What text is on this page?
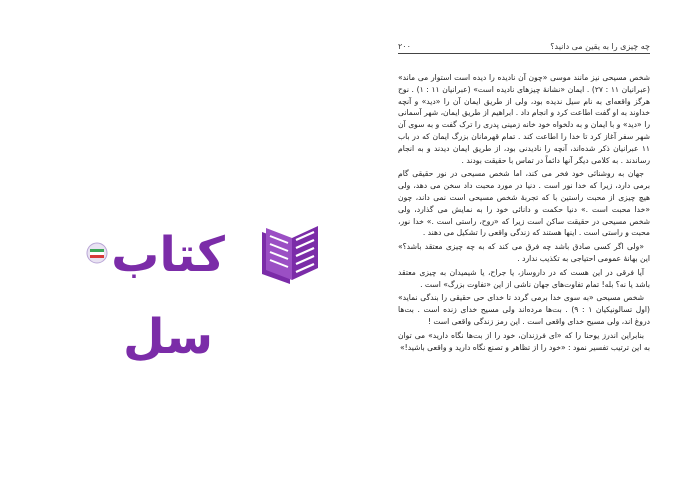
کتاب سل
چه چیزی را به یقین می دانید؟
۲۰۰

شخص مسیحی نیز مانند موسی «چون آن نادیده را دیده است استوار می ماند» (عبرانیان ۱۱ : ۲۷) . ایمان «نشانهٔ چیزهای نادیده است» (عبرانیان ۱۱ : ۱) . نوح هرگز واقعه‌ای به نام سیل ندیده بود، ولی از طریق ایمان آن را «دید» و آنچه خداوند به او گفت اطاعت کرد و انجام داد . ابراهیم از طریق ایمان، شهر آسمانی را «دید» و با ایمان و به دلخواه خود خانه زمینی پدری را ترک گفت و به سوی آن شهر سفر آغاز کرد تا خدا را اطاعت کند . تمام قهرمانان بزرگ ایمان که در باب ۱۱ عبرانیان ذکر شده‌اند، آنچه را نادیدنی بود، از طریق ایمان دیدند و به انجام رساندند . به کلامی دیگر آنها دائماً در تماس با حقیقت بودند .

جهان به روشنائی خود فخر می کند، اما شخص مسیحی در نور حقیقی گام برمی دارد، زیرا که خدا نور است . دنیا در مورد محبت داد سخن می دهد، ولی هیچ چیزی از محبت راستین با که تجربهٔ شخص مسیحی است نمی داند، چون «خدا محبت است .» دنیا حکمت و دانائی خود را به نمایش می گذارد، ولی شخص مسیحی در حقیقت ساکن است زیرا که «روح، راستی است .» خدا نور، محبت و راستی است . اینها هستند که زندگی واقعی را تشکیل می دهند .

«ولی اگر کسی صادق باشد چه فرق می کند که به چه چیزی معتقد باشد؟» این بهانهٔ عمومی احتیاجی به تکذیب ندارد .

آیا فرقی در این هست که در داروساز، یا جراح، یا شیمیدان به چیزی معتقد باشد یا نه؟ بله! تمام تفاوت‌های جهان ناشی از این «تفاوت بزرگ» است .

شخص مسیحی «به سوی خدا برمی گردد تا خدای حی حقیقی را بندگی نماید» (اول تسالونیکیان ۱ : ۹) . بت‌ها مرده‌اند ولی مسیح خدای زنده است . بت‌ها دروغ اند، ولی مسیح خدای واقعی است . این رمز زندگی واقعی است !

بنابراین اندرز یوحنا را که «ای فرزندان، خود را از بت‌ها نگاه دارید» می توان به این ترتیب تفسیر نمود : «خود را از تظاهر و تصنع نگاه دارید و واقعی باشید!»
